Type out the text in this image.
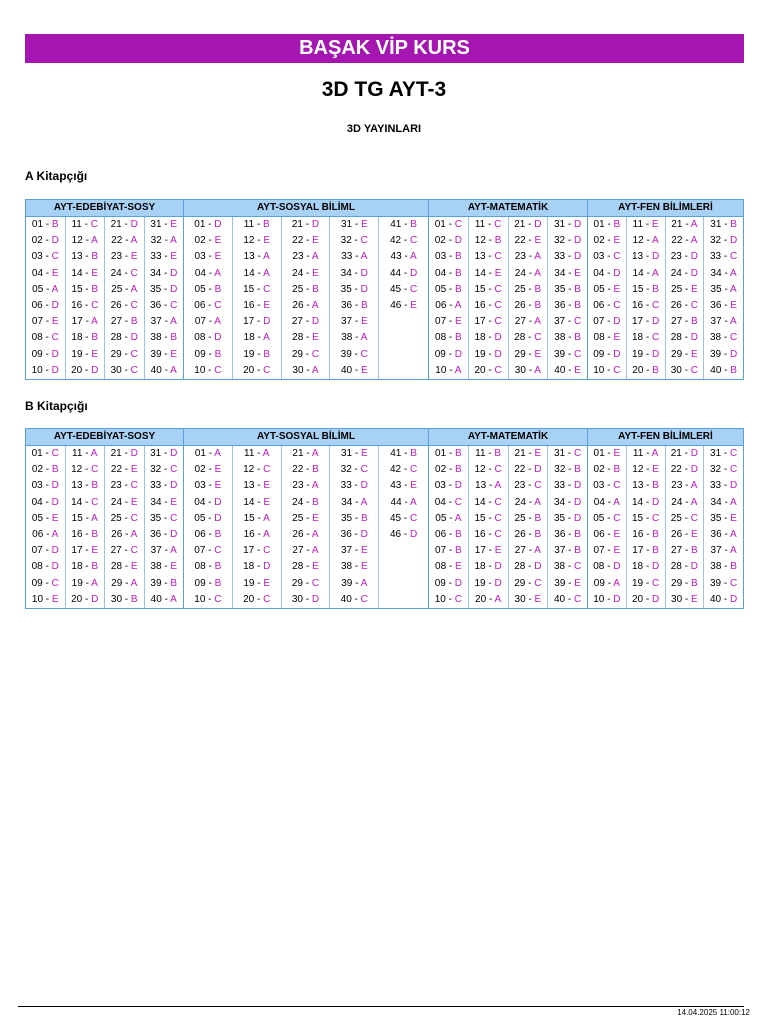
BAŞAK VİP KURS
3D TG AYT-3
3D YAYINLARI
A Kitapçığı
AYT-EDEBİYAT-SOSY
01 - B
02 - D
03 - C
04 - E
05 - A
06 - D
07 - E
08 - C
09 - D
10 - D
11 - C
12 - A
13 - B
14 - E
15 - B
16 - C
17 - A
18 - B
19 - E
20 - D
21 - D
22 - A
23 - E
24 - C
25 - A
26 - C
27 - B
28 - D
29 - C
30 - C
31 - E
32 - A
33 - E
34 - D
35 - D
36 - C
37 - A
38 - B
39 - E
40 - A
AYT-SOSYAL BİLİML
01 - D
02 - E
03 - E
04 - A
05 - B
06 - C
07 - A
08 - D
09 - B
10 - C
11 - B
12 - E
13 - A
14 - A
15 - C
16 - E
17 - D
18 - A
19 - B
20 - C
21 - D
22 - E
23 - A
24 - E
25 - B
26 - A
27 - D
28 - E
29 - C
30 - A
31 - E
32 - C
33 - A
34 - D
35 - D
36 - B
37 - E
38 - A
39 - C
40 - E
41 - B
42 - C
43 - A
44 - D
45 - C
46 - E
AYT-MATEMATİK
01 - C
02 - D
03 - B
04 - B
05 - B
06 - A
07 - E
08 - B
09 - D
10 - A
11 - C
12 - B
13 - C
14 - E
15 - C
16 - C
17 - C
18 - D
19 - D
20 - C
21 - D
22 - E
23 - A
24 - A
25 - B
26 - B
27 - A
28 - C
29 - E
30 - A
31 - D
32 - D
33 - D
34 - E
35 - B
36 - B
37 - C
38 - B
39 - C
40 - E
AYT-FEN BİLİMLERİ
01 - B
02 - E
03 - C
04 - D
05 - E
06 - C
07 - D
08 - E
09 - D
10 - C
11 - E
12 - A
13 - D
14 - A
15 - B
16 - C
17 - D
18 - C
19 - D
20 - B
21 - A
22 - A
23 - D
24 - D
25 - E
26 - C
27 - B
28 - D
29 - E
30 - C
31 - B
32 - D
33 - C
34 - A
35 - A
36 - E
37 - A
38 - C
39 - D
40 - B
B Kitapçığı
AYT-EDEBİYAT-SOSY
01 - C
02 - B
03 - D
04 - D
05 - E
06 - A
07 - D
08 - D
09 - C
10 - E
11 - A
12 - C
13 - B
14 - C
15 - A
16 - B
17 - E
18 - B
19 - A
20 - D
21 - D
22 - E
23 - C
24 - E
25 - C
26 - A
27 - C
28 - E
29 - A
30 - B
31 - D
32 - C
33 - D
34 - E
35 - C
36 - D
37 - A
38 - E
39 - B
40 - A
AYT-SOSYAL BİLİML
01 - A
02 - E
03 - E
04 - D
05 - D
06 - B
07 - C
08 - B
09 - B
10 - C
11 - A
12 - C
13 - E
14 - E
15 - A
16 - A
17 - C
18 - D
19 - E
20 - C
21 - A
22 - B
23 - A
24 - B
25 - E
26 - A
27 - A
28 - E
29 - C
30 - D
31 - E
32 - C
33 - D
34 - A
35 - B
36 - D
37 - E
38 - E
39 - A
40 - C
41 - B
42 - C
43 - E
44 - A
45 - C
46 - D
AYT-MATEMATİK
01 - B
02 - B
03 - D
04 - C
05 - A
06 - B
07 - B
08 - E
09 - D
10 - C
11 - B
12 - C
13 - A
14 - C
15 - C
16 - C
17 - E
18 - D
19 - D
20 - A
21 - E
22 - D
23 - C
24 - A
25 - B
26 - B
27 - A
28 - D
29 - C
30 - E
31 - C
32 - B
33 - D
34 - D
35 - D
36 - B
37 - B
38 - C
39 - E
40 - C
AYT-FEN BİLİMLERİ
01 - E
02 - B
03 - C
04 - A
05 - C
06 - E
07 - E
08 - D
09 - A
10 - D
11 - A
12 - E
13 - B
14 - D
15 - C
16 - B
17 - B
18 - D
19 - C
20 - D
21 - D
22 - D
23 - A
24 - A
25 - C
26 - E
27 - B
28 - D
29 - B
30 - E
31 - C
32 - C
33 - D
34 - A
35 - E
36 - A
37 - A
38 - B
39 - C
40 - D
14.04.2025 11:00:12
